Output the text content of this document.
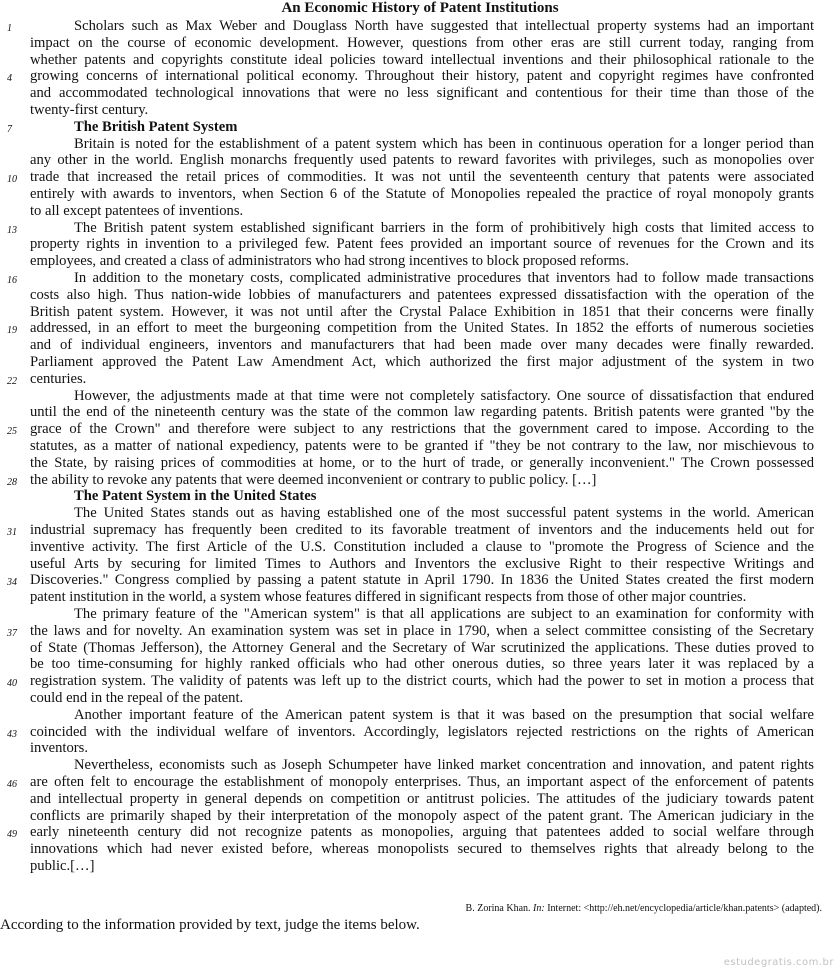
An Economic History of Patent Institutions
Scholars such as Max Weber and Douglass North have suggested that intellectual property systems had an important
1
impact on the course of economic development. However, questions from other eras are still current today, ranging from
whether patents and copyrights constitute ideal policies toward intellectual inventions and their philosophical rationale to the
growing concerns of international political economy. Throughout their history, patent and copyright regimes have confronted
4
and accommodated technological innovations that were no less significant and contentious for their time than those of the
twenty-first century.
The British Patent System
7
Britain is noted for the establishment of a patent system which has been in continuous operation for a longer period than
any other in the world. English monarchs frequently used patents to reward favorites with privileges, such as monopolies over
trade that increased the retail prices of commodities. It was not until the seventeenth century that patents were associated
10
entirely with awards to inventors, when Section 6 of the Statute of Monopolies repealed the practice of royal monopoly grants
to all except patentees of inventions.
The British patent system established significant barriers in the form of prohibitively high costs that limited access to
13
property rights in invention to a privileged few. Patent fees provided an important source of revenues for the Crown and its
employees, and created a class of administrators who had strong incentives to block proposed reforms.
In addition to the monetary costs, complicated administrative procedures that inventors had to follow made transactions
16
costs also high. Thus nation-wide lobbies of manufacturers and patentees expressed dissatisfaction with the operation of the
British patent system. However, it was not until after the Crystal Palace Exhibition in 1851 that their concerns were finally
addressed, in an effort to meet the burgeoning competition from the United States. In 1852 the efforts of numerous societies
19
and of individual engineers, inventors and manufacturers that had been made over many decades were finally rewarded.
Parliament approved the Patent Law Amendment Act, which authorized the first major adjustment of the system in two
centuries.
22
However, the adjustments made at that time were not completely satisfactory. One source of dissatisfaction that endured
until the end of the nineteenth century was the state of the common law regarding patents. British patents were granted "by the
grace of the Crown" and therefore were subject to any restrictions that the government cared to impose. According to the
25
statutes, as a matter of national expediency, patents were to be granted if "they be not contrary to the law, nor mischievous to
the State, by raising prices of commodities at home, or to the hurt of trade, or generally inconvenient." The Crown possessed
the ability to revoke any patents that were deemed inconvenient or contrary to public policy. […]
28
The Patent System in the United States
The United States stands out as having established one of the most successful patent systems in the world. American
industrial supremacy has frequently been credited to its favorable treatment of inventors and the inducements held out for
31
inventive activity. The first Article of the U.S. Constitution included a clause to "promote the Progress of Science and the
useful Arts by securing for limited Times to Authors and Inventors the exclusive Right to their respective Writings and
Discoveries." Congress complied by passing a patent statute in April 1790. In 1836 the United States created the first modern
34
patent institution in the world, a system whose features differed in significant respects from those of other major countries.
The primary feature of the "American system" is that all applications are subject to an examination for conformity with
the laws and for novelty. An examination system was set in place in 1790, when a select committee consisting of the Secretary
37
of State (Thomas Jefferson), the Attorney General and the Secretary of War scrutinized the applications. These duties proved to
be too time-consuming for highly ranked officials who had other onerous duties, so three years later it was replaced by a
registration system. The validity of patents was left up to the district courts, which had the power to set in motion a process that
40
could end in the repeal of the patent.
Another important feature of the American patent system is that it was based on the presumption that social welfare
coincided with the individual welfare of inventors. Accordingly, legislators rejected restrictions on the rights of American
43
inventors.
Nevertheless, economists such as Joseph Schumpeter have linked market concentration and innovation, and patent rights
are often felt to encourage the establishment of monopoly enterprises. Thus, an important aspect of the enforcement of patents
46
and intellectual property in general depends on competition or antitrust policies. The attitudes of the judiciary towards patent
conflicts are primarily shaped by their interpretation of the monopoly aspect of the patent grant. The American judiciary in the
early nineteenth century did not recognize patents as monopolies, arguing that patentees added to social welfare through
49
innovations which had never existed before, whereas monopolists secured to themselves rights that already belong to the
public.[…]
B. Zorina Khan. In: Internet: <http://eh.net/encyclopedia/article/khan.patents> (adapted).
According to the information provided by text, judge the items below.
estudegratis.com.br
